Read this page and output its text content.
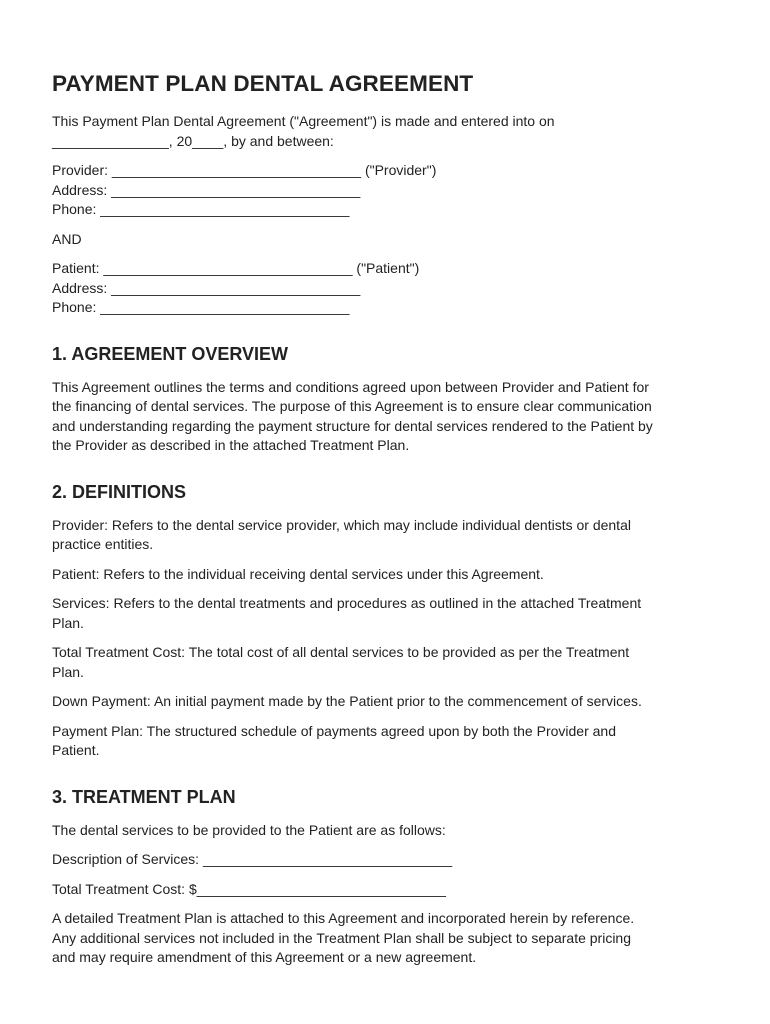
PAYMENT PLAN DENTAL AGREEMENT
This Payment Plan Dental Agreement ("Agreement") is made and entered into on
_______________, 20____, by and between:
Provider: ________________________________ ("Provider")
Address: ________________________________
Phone: ________________________________
AND
Patient: ________________________________ ("Patient")
Address: ________________________________
Phone: ________________________________
1. AGREEMENT OVERVIEW
This Agreement outlines the terms and conditions agreed upon between Provider and Patient for
the financing of dental services. The purpose of this Agreement is to ensure clear communication
and understanding regarding the payment structure for dental services rendered to the Patient by
the Provider as described in the attached Treatment Plan.
2. DEFINITIONS
Provider: Refers to the dental service provider, which may include individual dentists or dental
practice entities.
Patient: Refers to the individual receiving dental services under this Agreement.
Services: Refers to the dental treatments and procedures as outlined in the attached Treatment
Plan.
Total Treatment Cost: The total cost of all dental services to be provided as per the Treatment
Plan.
Down Payment: An initial payment made by the Patient prior to the commencement of services.
Payment Plan: The structured schedule of payments agreed upon by both the Provider and
Patient.
3. TREATMENT PLAN
The dental services to be provided to the Patient are as follows:
Description of Services: ________________________________
Total Treatment Cost: $________________________________
A detailed Treatment Plan is attached to this Agreement and incorporated herein by reference.
Any additional services not included in the Treatment Plan shall be subject to separate pricing
and may require amendment of this Agreement or a new agreement.
